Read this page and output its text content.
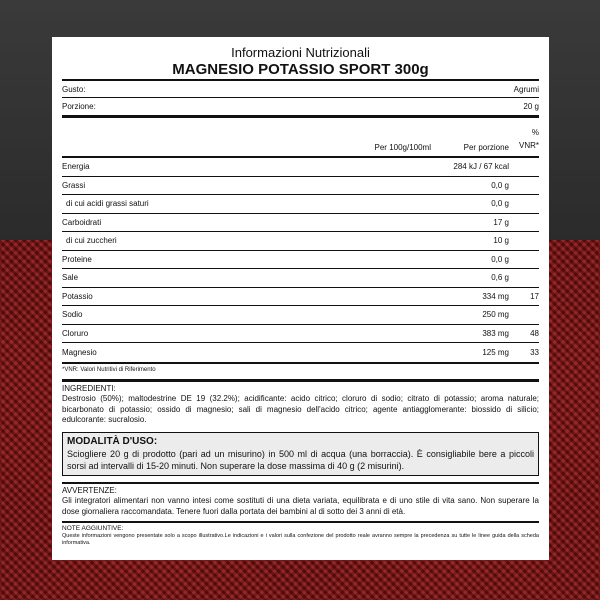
Informazioni Nutrizionali
MAGNESIO POTASSIO SPORT 300g
Gusto:	Agrumi
Porzione:	20 g
Per 100g/100ml	Per porzione
%
VNR*
Energia	284 kJ / 67 kcal
Grassi	0,0 g
di cui acidi grassi saturi	0,0 g
Carboidrati	17 g
di cui zuccheri	10 g
Proteine	0,0 g
Sale	0,6 g
Potassio	334 mg	17
Sodio	250 mg
Cloruro	383 mg	48
Magnesio	125 mg	33
*VNR: Valori Nutritivi di Riferimento
INGREDIENTI:
Destrosio (50%); maltodestrine DE 19 (32.2%); acidificante: acido citrico; cloruro di sodio; citrato di potassio; aroma naturale; bicarbonato di potassio; ossido di magnesio; sali di magnesio dell'acido citrico; agente antiagglomerante: biossido di silicio; edulcorante: sucralosio.
MODALITÀ D'USO:
Sciogliere 20 g di prodotto (pari ad un misurino) in 500 ml di acqua (una borraccia). È consigliabile bere a piccoli sorsi ad intervalli di 15-20 minuti. Non superare la dose massima di 40 g (2 misurini).
AVVERTENZE:
Gli integratori alimentari non vanno intesi come sostituti di una dieta variata, equilibrata e di uno stile di vita sano. Non superare la dose giornaliera raccomandata. Tenere fuori dalla portata dei bambini al di sotto dei 3 anni di età.
NOTE AGGIUNTIVE:
Queste informazioni vengono presentate solo a scopo illustrativo.Le indicazioni e i valori sulla confezione del prodotto reale avranno sempre la precedenza su tutte le linee guida della scheda informativa.
